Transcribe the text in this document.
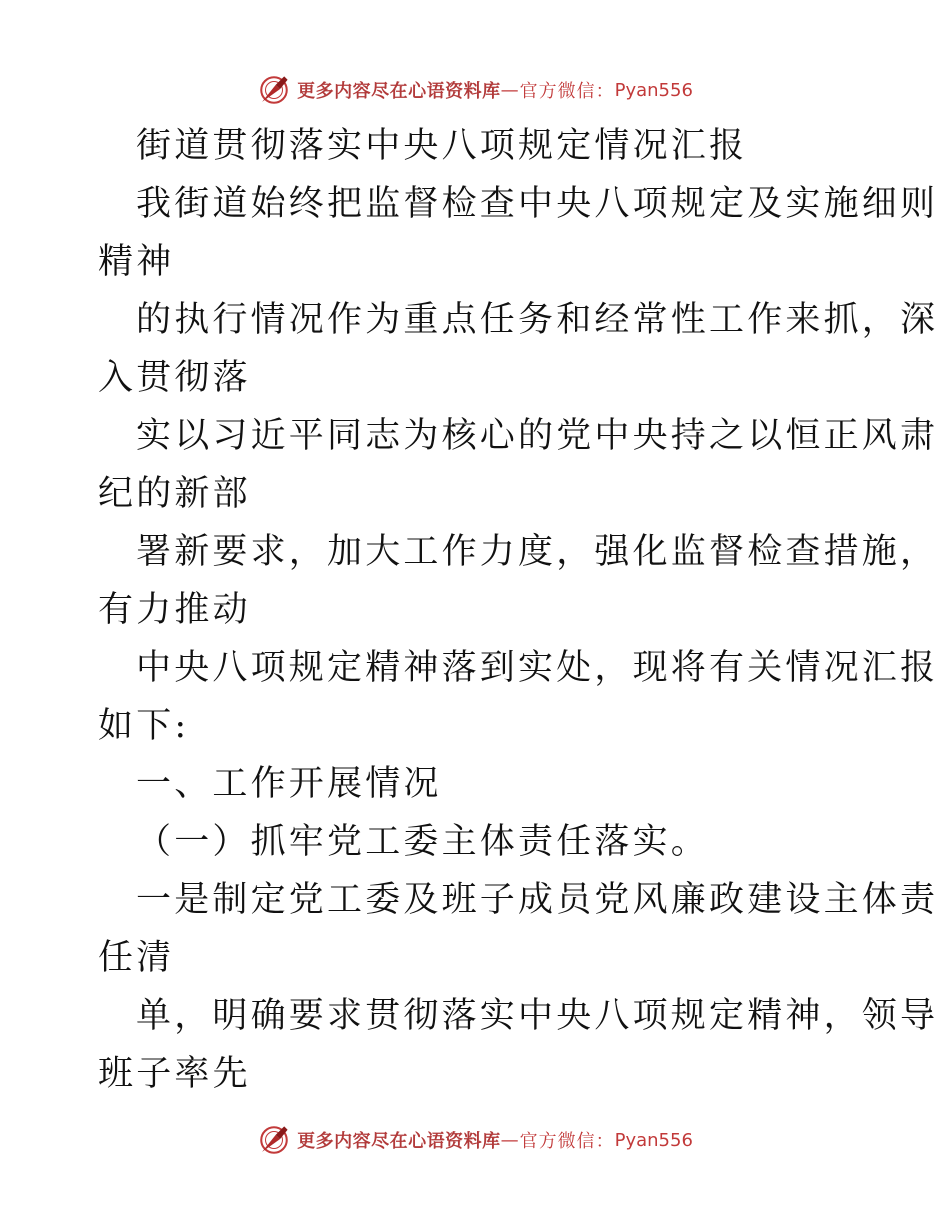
更多内容尽在心语资料库 — 官方微信： Pyan556
街道贯彻落实中央八项规定情况汇报
我街道始终把监督检查中央八项规定及实施细则
精神
的执行情况作为重点任务和经常性工作来抓，深
入贯彻落
实以习近平同志为核心的党中央持之以恒正风肃
纪的新部
署新要求，加大工作力度，强化监督检查措施，
有力推动
中央八项规定精神落到实处，现将有关情况汇报
如下:
一、工作开展情况
（一）抓牢党工委主体责任落实。
一是制定党工委及班子成员党风廉政建设主体责
任清
单，明确要求贯彻落实中央八项规定精神，领导
班子率先
更多内容尽在心语资料库 — 官方微信： Pyan556
